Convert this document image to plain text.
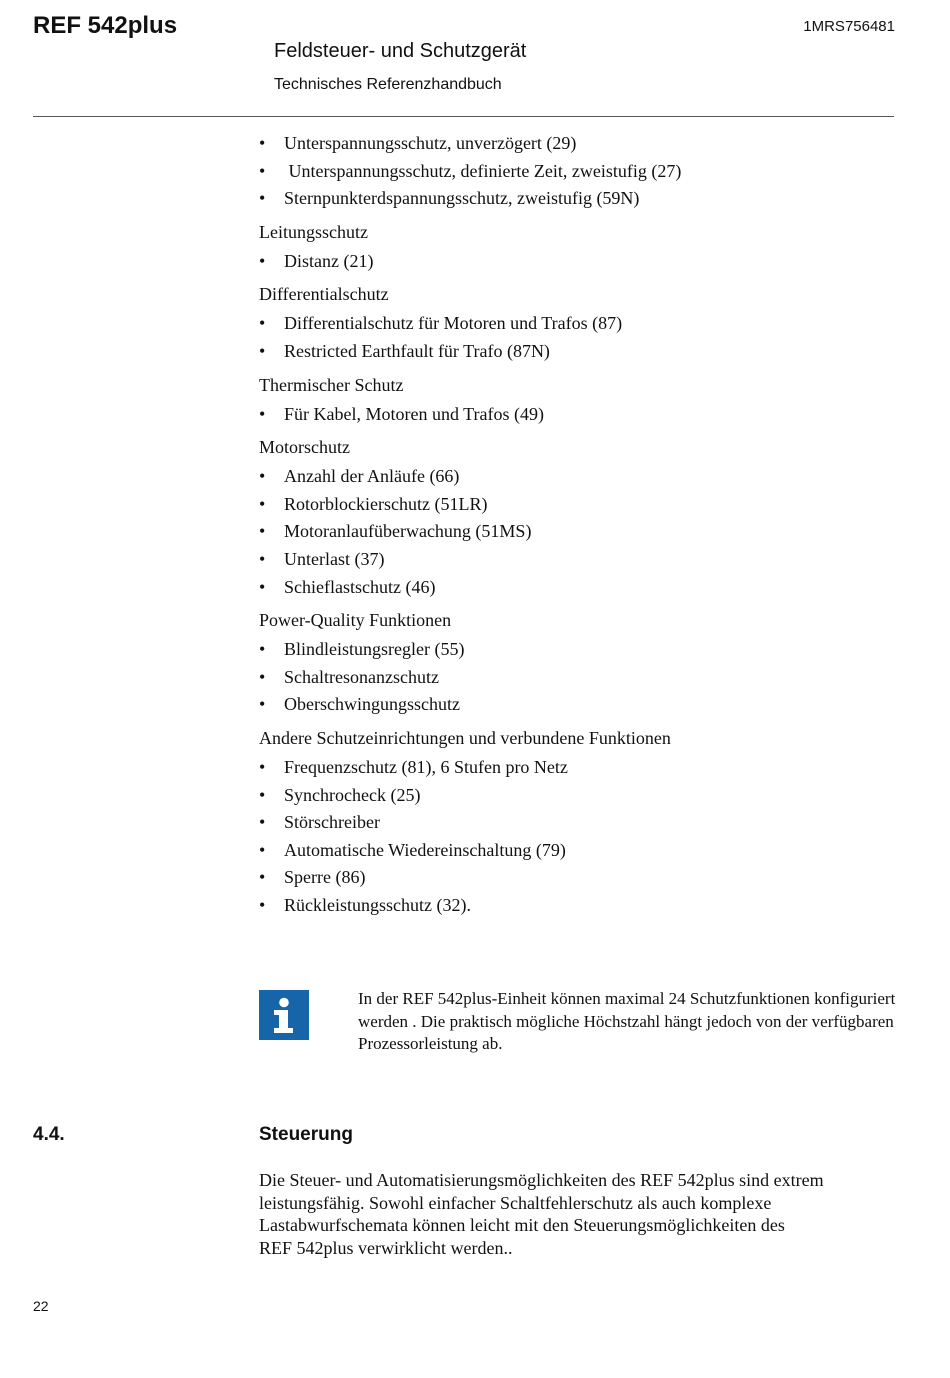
REF 542plus	1MRS756481
Feldsteuer- und Schutzgerät
Technisches Referenzhandbuch
• Unterspannungsschutz, unverzögert (29)
• Unterspannungsschutz, definierte Zeit, zweistufig (27)
• Sternpunkterdspannungsschutz, zweistufig (59N)
Leitungsschutz
• Distanz (21)
Differentialschutz
• Differentialschutz für Motoren und Trafos (87)
• Restricted Earthfault für Trafo (87N)
Thermischer Schutz
• Für Kabel, Motoren und Trafos (49)
Motorschutz
• Anzahl der Anläufe (66)
• Rotorblockierschutz (51LR)
• Motoranlaufüberwachung (51MS)
• Unterlast (37)
• Schieflastschutz (46)
Power-Quality Funktionen
• Blindleistungsregler (55)
• Schaltresonanzschutz
• Oberschwingungsschutz
Andere Schutzeinrichtungen und verbundene Funktionen
• Frequenzschutz (81), 6 Stufen pro Netz
• Synchrocheck (25)
• Störschreiber
• Automatische Wiedereinschaltung (79)
• Sperre (86)
• Rückleistungsschutz (32).
In der REF 542plus-Einheit können maximal 24 Schutzfunktionen konfiguriert werden . Die praktisch mögliche Höchstzahl hängt jedoch von der verfügbaren Prozessorleistung ab.
4.4.	Steuerung
Die Steuer- und Automatisierungsmöglichkeiten des REF 542plus sind extrem
leistungsfähig. Sowohl einfacher Schaltfehlerschutz als auch komplexe
Lastabwurfschemata können leicht mit den Steuerungsmöglichkeiten des
REF 542plus verwirklicht werden..
22
